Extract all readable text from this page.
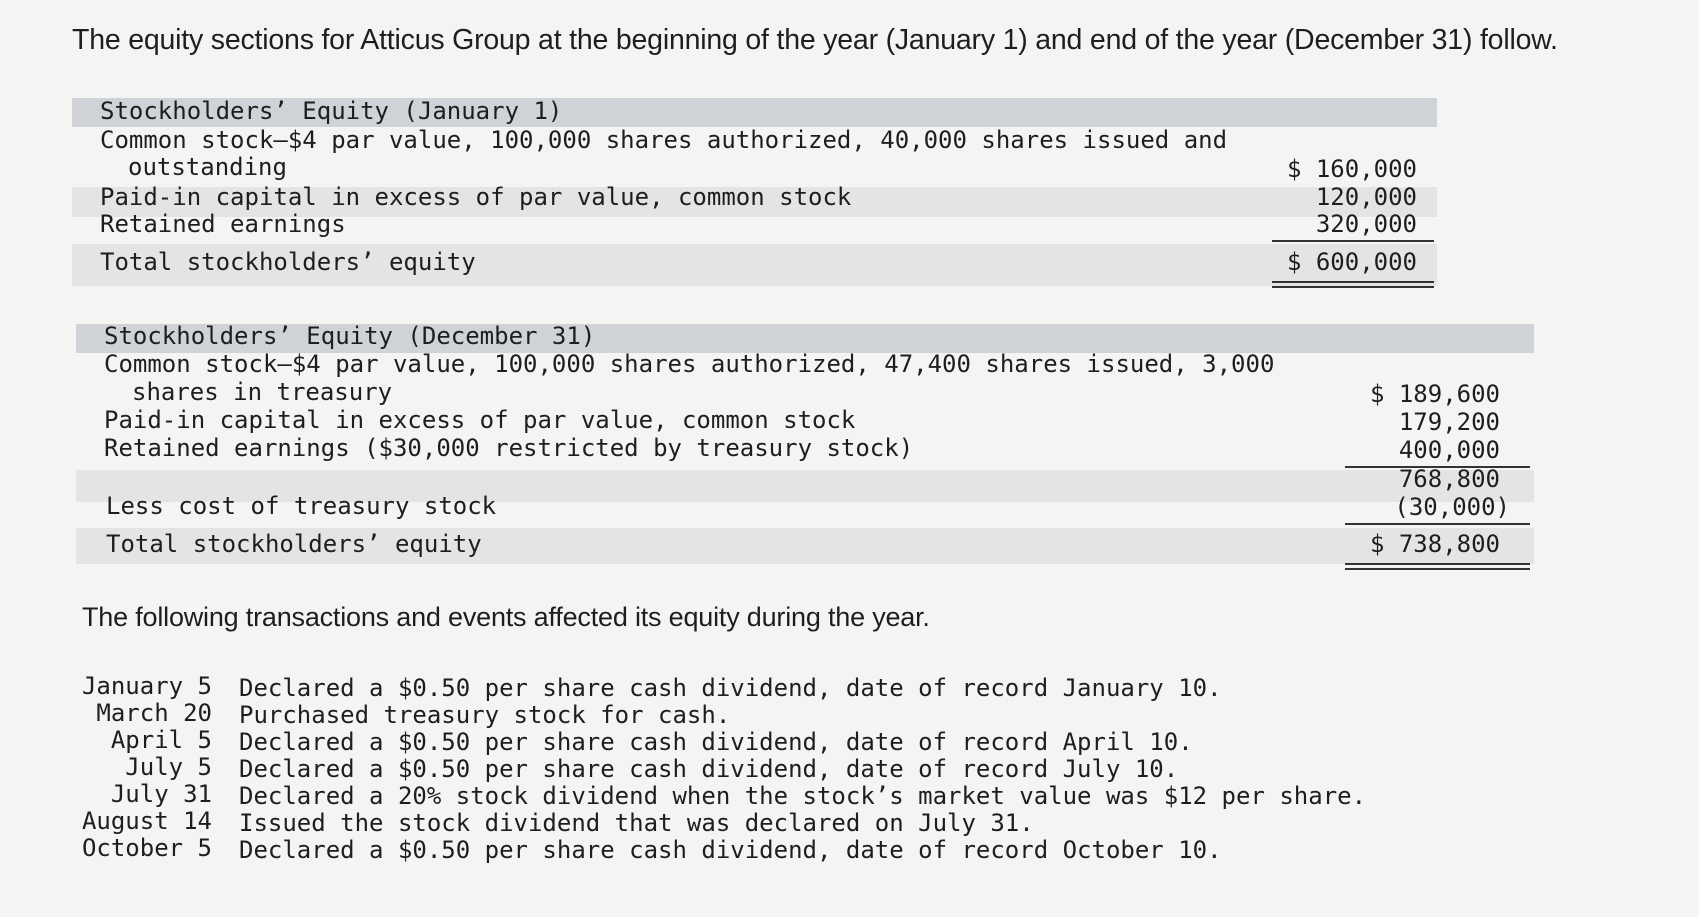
The equity sections for Atticus Group at the beginning of the year (January 1) and end of the year (December 31) follow.
Stockholders’ Equity (January 1)
Common stock—$4 par value, 100,000 shares authorized, 40,000 shares issued and
outstanding	$ 160,000
Paid-in capital in excess of par value, common stock	120,000
Retained earnings	320,000
Total stockholders’ equity	$ 600,000
Stockholders’ Equity (December 31)
Common stock—$4 par value, 100,000 shares authorized, 47,400 shares issued, 3,000
shares in treasury	$ 189,600
Paid-in capital in excess of par value, common stock	179,200
Retained earnings ($30,000 restricted by treasury stock)	400,000
768,800
Less cost of treasury stock	(30,000)
Total stockholders’ equity	$ 738,800
The following transactions and events affected its equity during the year.
January 5 Declared a $0.50 per share cash dividend, date of record January 10.
March 20 Purchased treasury stock for cash.
April 5 Declared a $0.50 per share cash dividend, date of record April 10.
July 5 Declared a $0.50 per share cash dividend, date of record July 10.
July 31 Declared a 20% stock dividend when the stock’s market value was $12 per share.
August 14 Issued the stock dividend that was declared on July 31.
October 5 Declared a $0.50 per share cash dividend, date of record October 10.
